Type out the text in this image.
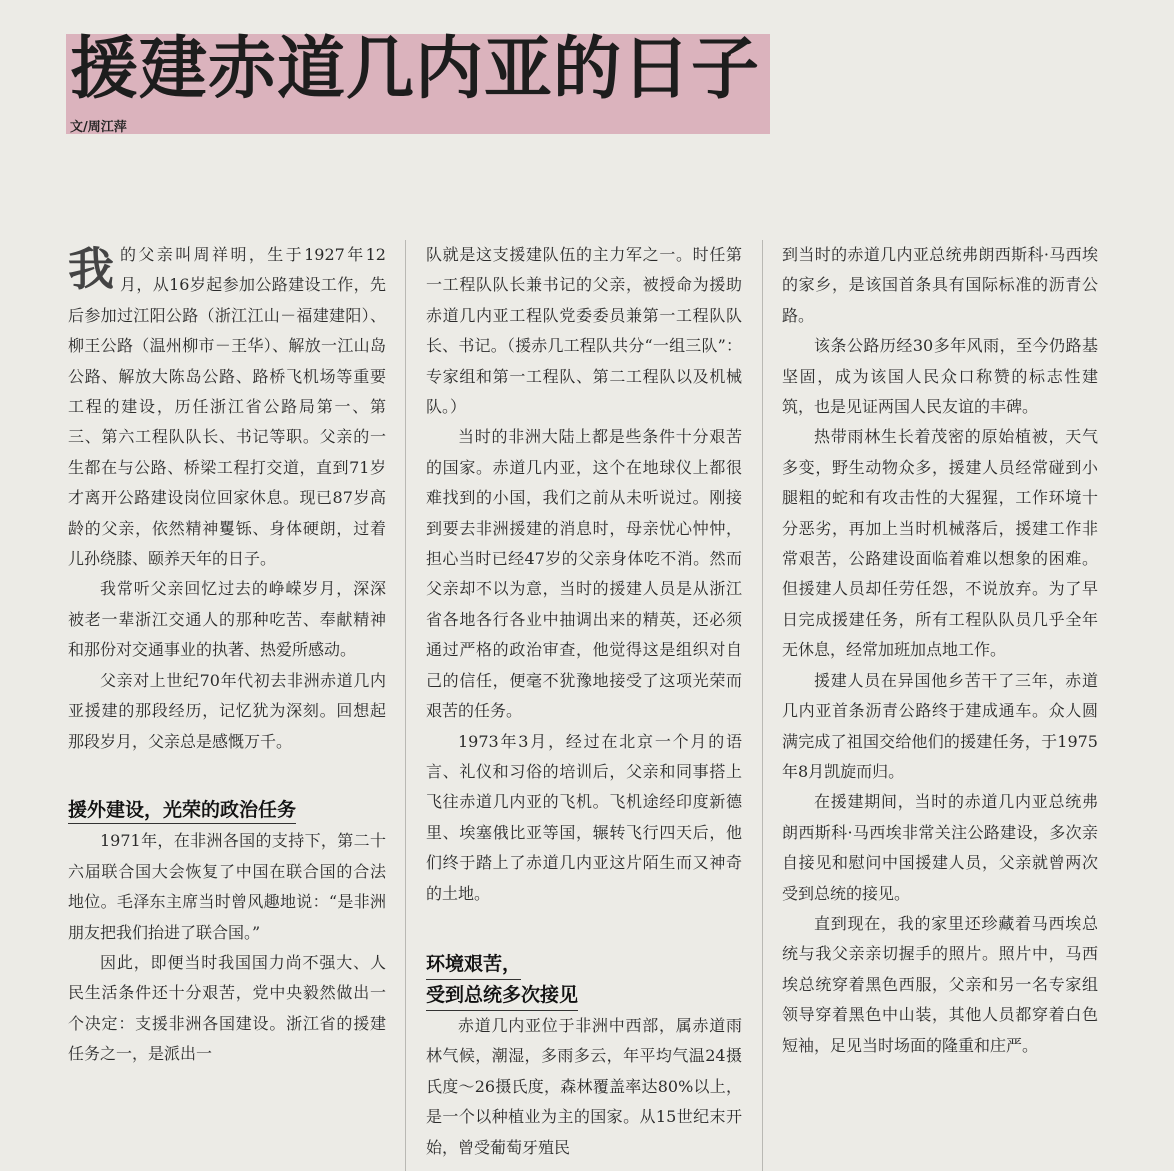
援建赤道几内亚的日子
文/周江萍

我的父亲叫周祥明，生于1927年12月，从16岁起参加公路建设工作，先后参加过江阳公路（浙江江山－福建建阳）、柳王公路（温州柳市－王华）、解放一江山岛公路、解放大陈岛公路、路桥飞机场等重要工程的建设，历任浙江省公路局第一、第三、第六工程队队长、书记等职。父亲的一生都在与公路、桥梁工程打交道，直到71岁才离开公路建设岗位回家休息。现已87岁高龄的父亲，依然精神矍铄、身体硬朗，过着儿孙绕膝、颐养天年的日子。

我常听父亲回忆过去的峥嵘岁月，深深被老一辈浙江交通人的那种吃苦、奉献精神和那份对交通事业的执著、热爱所感动。

父亲对上世纪70年代初去非洲赤道几内亚援建的那段经历，记忆犹为深刻。回想起那段岁月，父亲总是感慨万千。

援外建设，光荣的政治任务

1971年，在非洲各国的支持下，第二十六届联合国大会恢复了中国在联合国的合法地位。毛泽东主席当时曾风趣地说：“是非洲朋友把我们抬进了联合国。”

因此，即便当时我国国力尚不强大、人民生活条件还十分艰苦，党中央毅然做出一个决定：支援非洲各国建设。浙江省的援建任务之一，是派出一

队就是这支援建队伍的主力军之一。时任第一工程队队长兼书记的父亲，被授命为援助赤道几内亚工程队党委委员兼第一工程队队长、书记。（援赤几工程队共分“一组三队”：专家组和第一工程队、第二工程队以及机械队。）

当时的非洲大陆上都是些条件十分艰苦的国家。赤道几内亚，这个在地球仪上都很难找到的小国，我们之前从未听说过。刚接到要去非洲援建的消息时，母亲忧心忡忡，担心当时已经47岁的父亲身体吃不消。然而父亲却不以为意，当时的援建人员是从浙江省各地各行各业中抽调出来的精英，还必须通过严格的政治审查，他觉得这是组织对自己的信任，便毫不犹豫地接受了这项光荣而艰苦的任务。

1973年3月，经过在北京一个月的语言、礼仪和习俗的培训后，父亲和同事搭上飞往赤道几内亚的飞机。飞机途经印度新德里、埃塞俄比亚等国，辗转飞行四天后，他们终于踏上了赤道几内亚这片陌生而又神奇的土地。

环境艰苦，
受到总统多次接见

赤道几内亚位于非洲中西部，属赤道雨林气候，潮湿，多雨多云，年平均气温24摄氏度～26摄氏度，森林覆盖率达80%以上，是一个以种植业为主的国家。从15世纪末开始，曾受葡萄牙殖民

到当时的赤道几内亚总统弗朗西斯科·马西埃的家乡，是该国首条具有国际标准的沥青公路。

该条公路历经30多年风雨，至今仍路基坚固，成为该国人民众口称赞的标志性建筑，也是见证两国人民友谊的丰碑。

热带雨林生长着茂密的原始植被，天气多变，野生动物众多，援建人员经常碰到小腿粗的蛇和有攻击性的大猩猩，工作环境十分恶劣，再加上当时机械落后，援建工作非常艰苦，公路建设面临着难以想象的困难。但援建人员却任劳任怨，不说放弃。为了早日完成援建任务，所有工程队队员几乎全年无休息，经常加班加点地工作。

援建人员在异国他乡苦干了三年，赤道几内亚首条沥青公路终于建成通车。众人圆满完成了祖国交给他们的援建任务，于1975年8月凯旋而归。

在援建期间，当时的赤道几内亚总统弗朗西斯科·马西埃非常关注公路建设，多次亲自接见和慰问中国援建人员，父亲就曾两次受到总统的接见。

直到现在，我的家里还珍藏着马西埃总统与我父亲亲切握手的照片。照片中，马西埃总统穿着黑色西服，父亲和另一名专家组领导穿着黑色中山装，其他人员都穿着白色短袖，足见当时场面的隆重和庄严。
